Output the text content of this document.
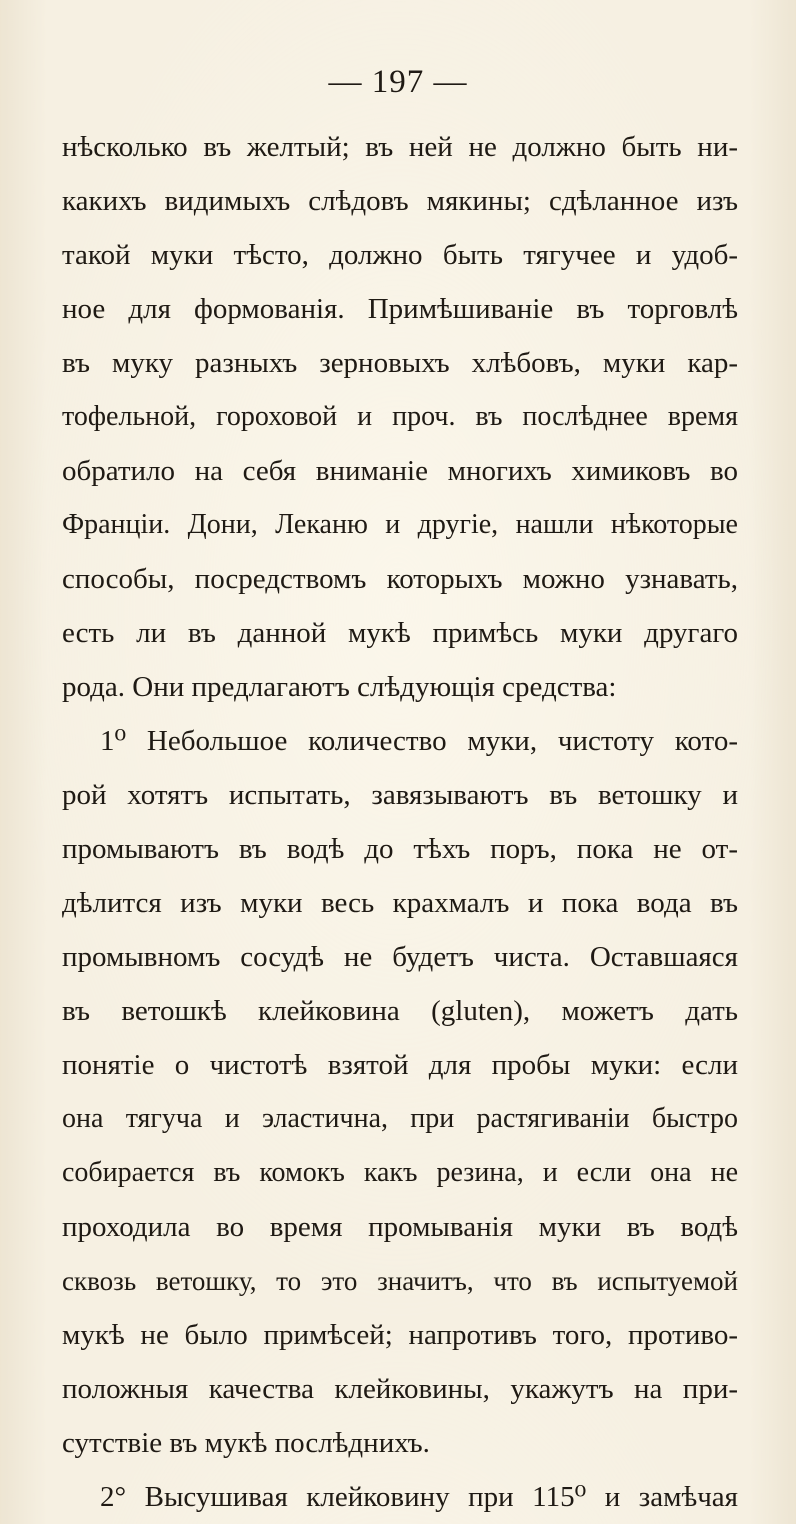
— 197 —
нѣсколько въ желтый; въ ней не должно быть ни-
какихъ видимыхъ слѣдовъ мякины; сдѣланное изъ
такой муки тѣсто, должно быть тягучее и удоб-
ное для формованія. Примѣшиваніе въ торговлѣ
въ муку разныхъ зерновыхъ хлѣбовъ, муки кар-
тофельной, гороховой и проч. въ послѣднее время
обратило на себя вниманіе многихъ химиковъ во
Франціи. Дони, Леканю и другіе, нашли нѣкоторые
способы, посредствомъ которыхъ можно узнавать,
есть ли въ данной мукѣ примѣсь муки другаго
рода. Они предлагаютъ слѣдующія средства:
1⁰ Небольшое количество муки, чистоту кото-
рой хотятъ испытать, завязываютъ въ ветошку и
промываютъ въ водѣ до тѣхъ поръ, пока не от-
дѣлится изъ муки весь крахмалъ и пока вода въ
промывномъ сосудѣ не будетъ чиста. Оставшаяся
въ ветошкѣ клейковина (gluten), можетъ дать
понятіе о чистотѣ взятой для пробы муки: если
она тягуча и эластична, при растягиваніи быстро
собирается въ комокъ какъ резина, и если она не
проходила во время промыванія муки въ водѣ
сквозь ветошку, то это значитъ, что въ испытуемой
мукѣ не было примѣсей; напротивъ того, противо-
положныя качества клейковины, укажутъ на при-
сутствіе въ мукѣ послѣднихъ.
2° Высушивая клейковину при 115⁰ и замѣчая
